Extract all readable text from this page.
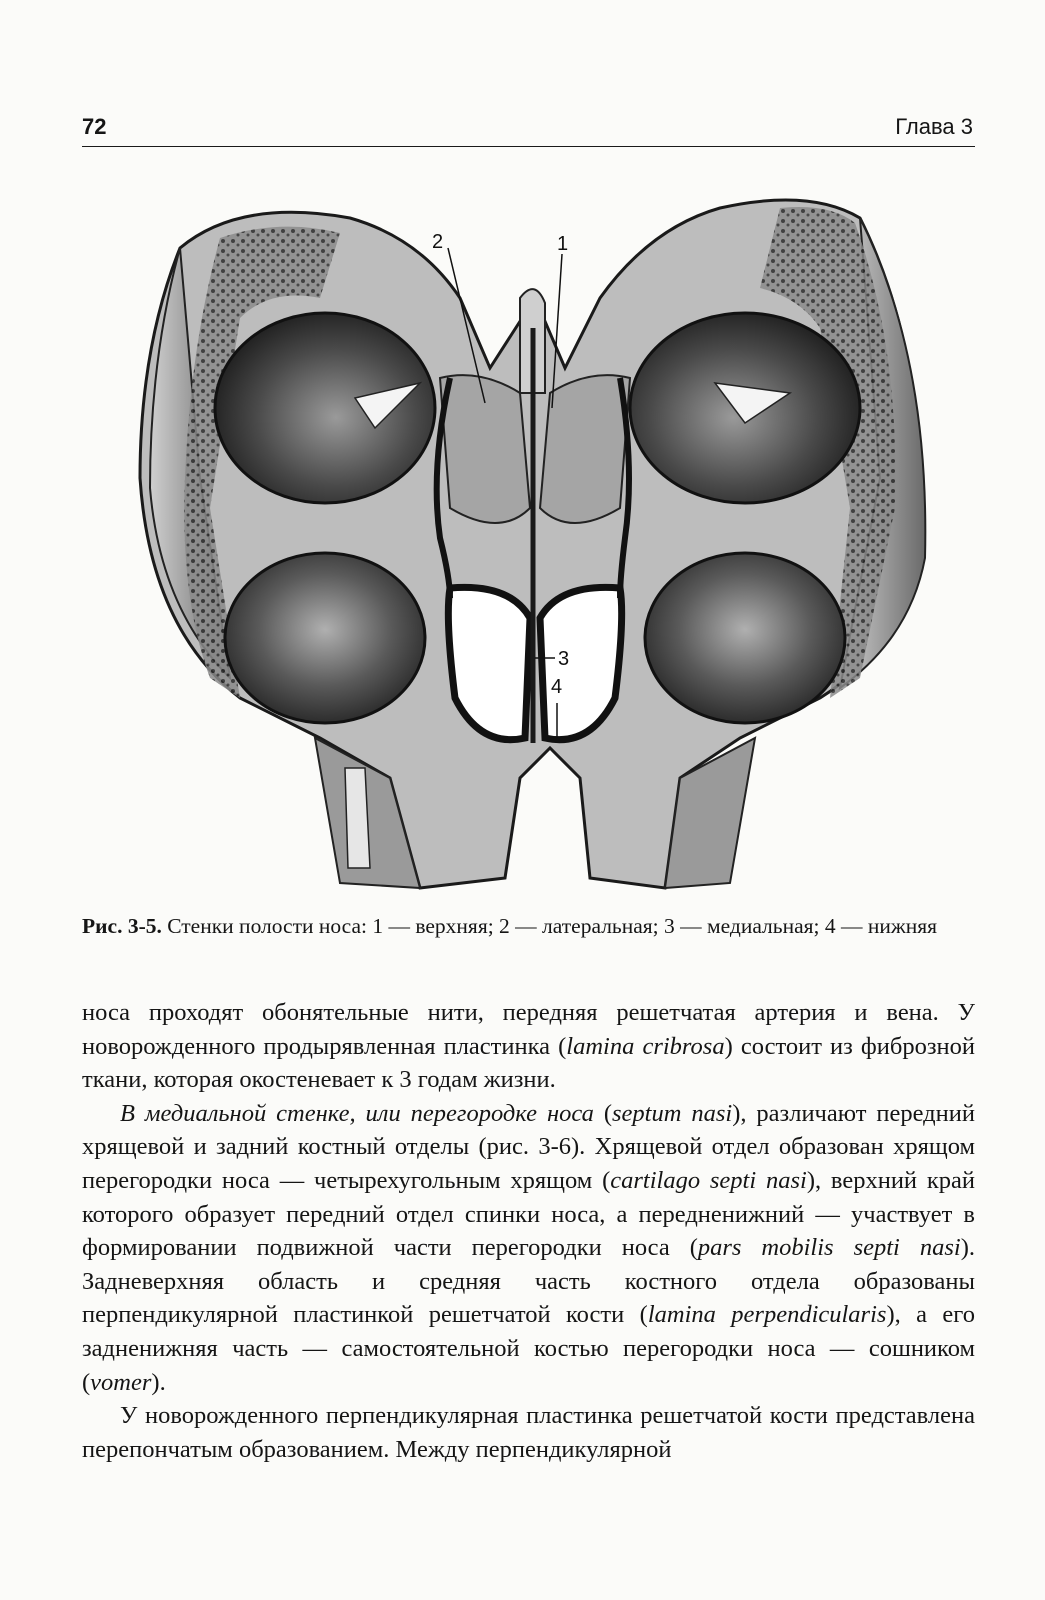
72	Глава 3
2	1
3
4
Рис. 3-5. Стенки полости носа: 1 — верхняя; 2 — латеральная; 3 — медиальная; 4 — нижняя

носа проходят обонятельные нити, передняя решетчатая артерия и вена. У новорожденного продырявленная пластинка (lamina cribrosa) состоит из фиброзной ткани, которая окостеневает к 3 годам жизни.

В медиальной стенке, или перегородке носа (septum nasi), различают передний хрящевой и задний костный отделы (рис. 3-6). Хрящевой отдел образован хрящом перегородки носа — четырехугольным хрящом (cartilago septi nasi), верхний край которого образует передний отдел спинки носа, а передненижний — участвует в формировании подвижной части перегородки носа (pars mobilis septi nasi). Задневерхняя область и средняя часть костного отдела образованы перпендикулярной пластинкой решетчатой кости (lamina perpendicularis), а его задненижняя часть — самостоятельной костью перегородки носа — сошником (vomer).

У новорожденного перпендикулярная пластинка решетчатой кости представлена перепончатым образованием. Между перпендикулярной
